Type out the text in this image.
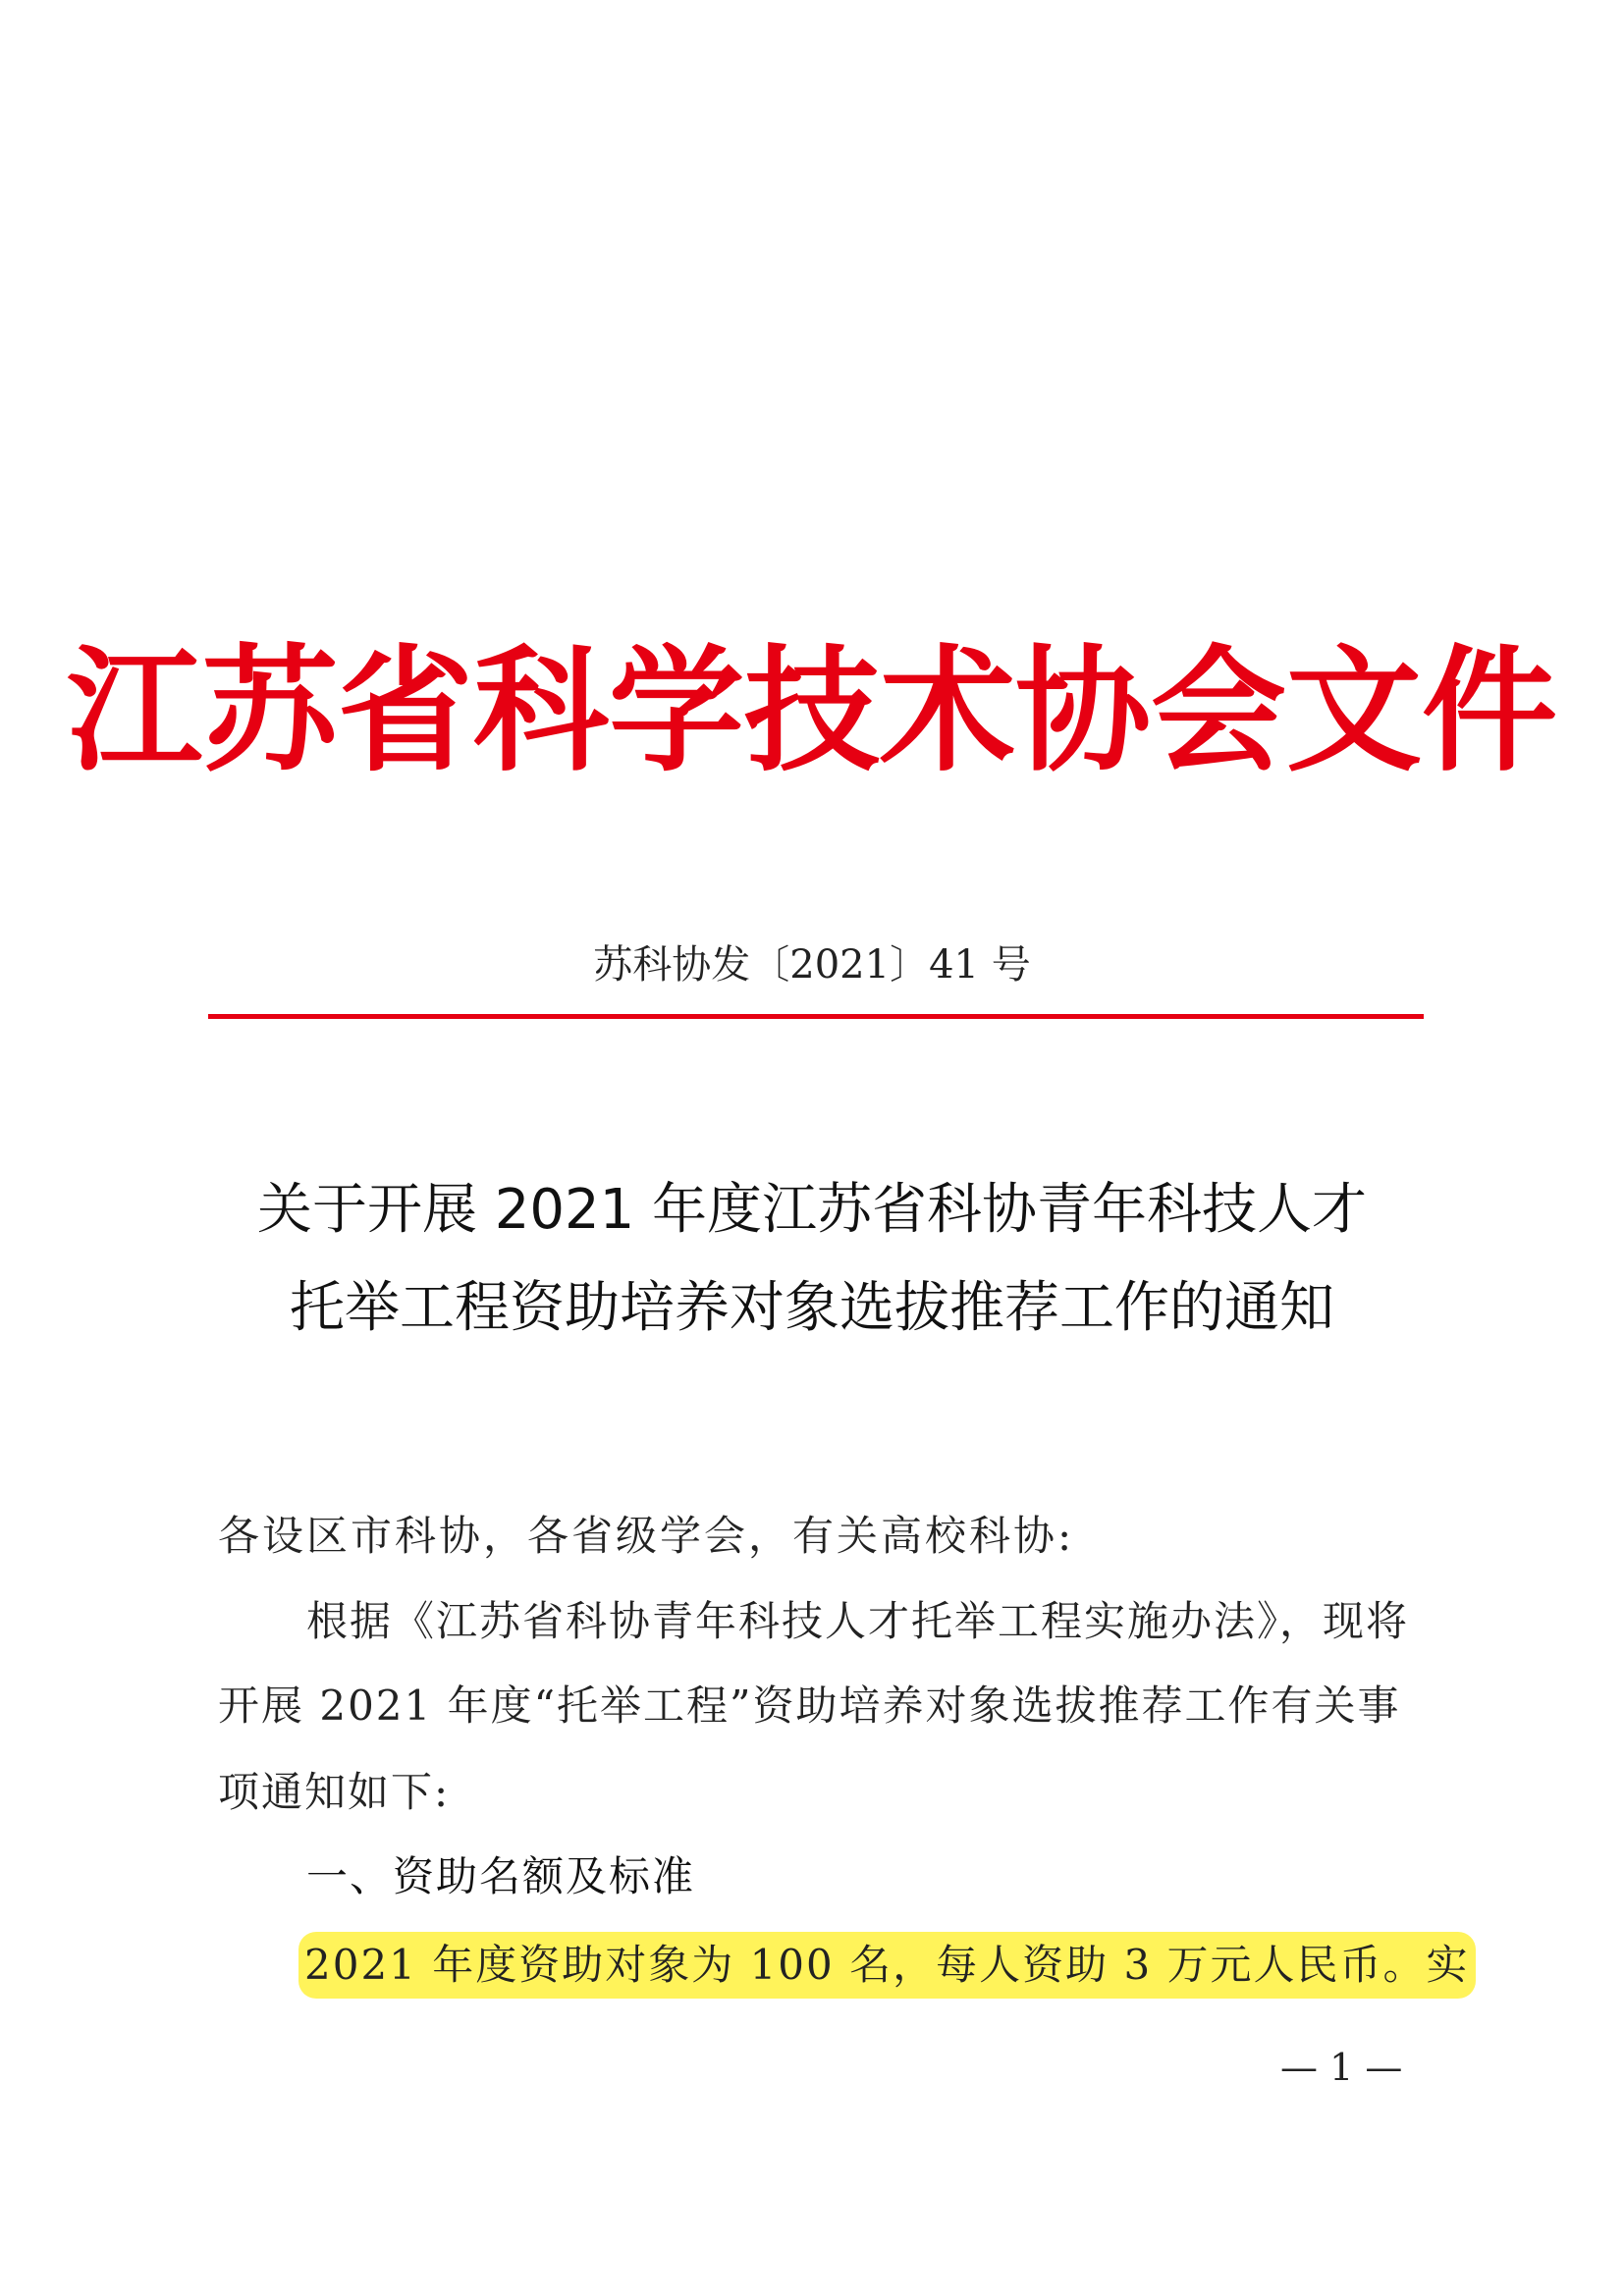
江苏省科学技术协会文件
苏科协发〔2021〕41 号
关于开展 2021 年度江苏省科协青年科技人才
托举工程资助培养对象选拔推荐工作的通知
各设区市科协，各省级学会，有关高校科协:
根据《江苏省科协青年科技人才托举工程实施办法》，现将
开展 2021 年度“托举工程”资助培养对象选拔推荐工作有关事
项通知如下:
一、资助名额及标准
2021 年度资助对象为 100 名，每人资助 3 万元人民币。实
— 1 —
